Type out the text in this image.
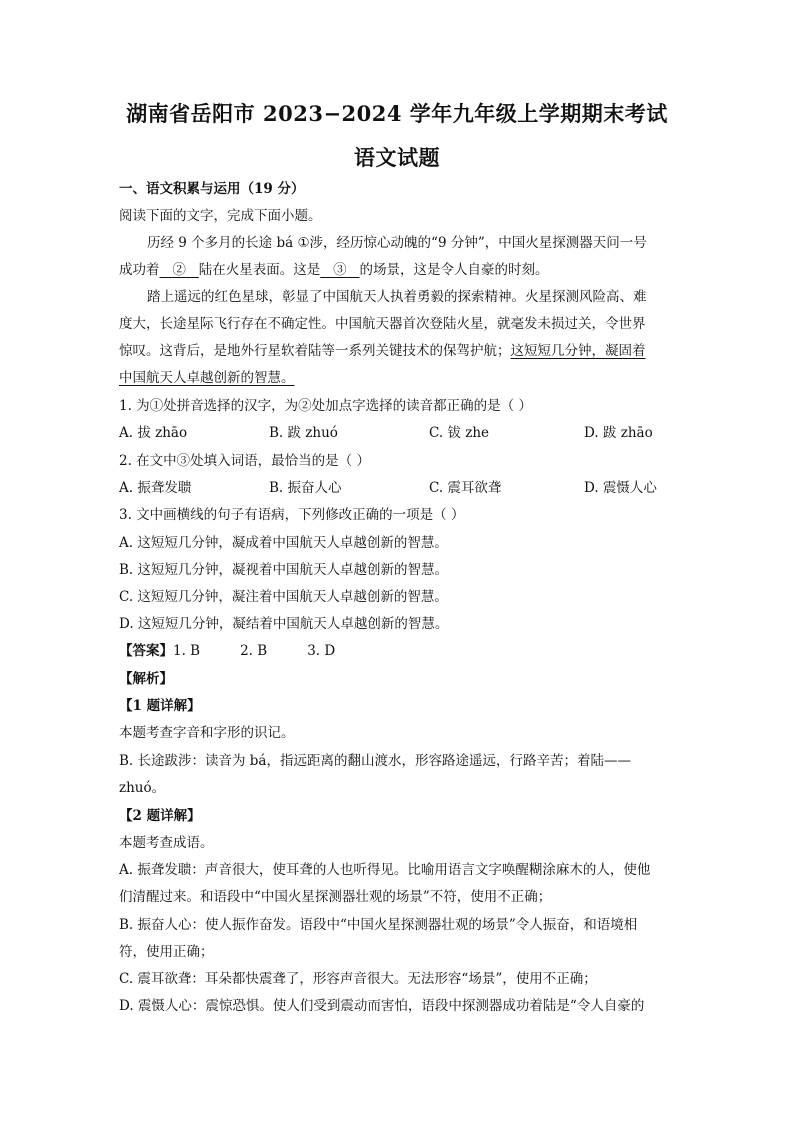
湖南省岳阳市 2023−2024 学年九年级上学期期末考试
语文试题
一、语文积累与运用（19 分）
阅读下面的文字，完成下面小题。
历经 9 个多月的长途 bá ①涉，经历惊心动魄的“9 分钟”，中国火星探测器天问一号
成功着 ② 陆在火星表面。这是 ③ 的场景，这是令人自豪的时刻。
踏上遥远的红色星球，彰显了中国航天人执着勇毅的探索精神。火星探测风险高、难
度大，长途星际飞行存在不确定性。中国航天器首次登陆火星，就毫发未损过关，令世界
惊叹。这背后，是地外行星软着陆等一系列关键技术的保驾护航；这短短几分钟，凝固着
中国航天人卓越创新的智慧。
1. 为①处拼音选择的汉字，为②处加点字选择的读音都正确的是（ ）
A. 拔 zhāo	B. 跋 zhuó	C. 钹 zhe	D. 跋 zhāo
2. 在文中③处填入词语，最恰当的是（ ）
A. 振聋发聩	B. 振奋人心	C. 震耳欲聋	D. 震慑人心
3. 文中画横线的句子有语病，下列修改正确的一项是（ ）
A. 这短短几分钟，凝成着中国航天人卓越创新的智慧。
B. 这短短几分钟，凝视着中国航天人卓越创新的智慧。
C. 这短短几分钟，凝注着中国航天人卓越创新的智慧。
D. 这短短几分钟，凝结着中国航天人卓越创新的智慧。
【答案】1. B	2. B	3. D
【解析】
【1 题详解】
本题考查字音和字形的识记。
B. 长途跋涉：读音为 bá，指远距离的翻山渡水，形容路途遥远，行路辛苦；着陆——
zhuó。
【2 题详解】
本题考查成语。
A. 振聋发聩：声音很大，使耳聋的人也听得见。比喻用语言文字唤醒糊涂麻木的人，使他
们清醒过来。和语段中“中国火星探测器壮观的场景”不符，使用不正确；
B. 振奋人心：使人振作奋发。语段中“中国火星探测器壮观的场景”令人振奋，和语境相
符，使用正确；
C. 震耳欲聋：耳朵都快震聋了，形容声音很大。无法形容“场景”，使用不正确；
D. 震慑人心：震惊恐惧。使人们受到震动而害怕，语段中探测器成功着陆是“令人自豪的
